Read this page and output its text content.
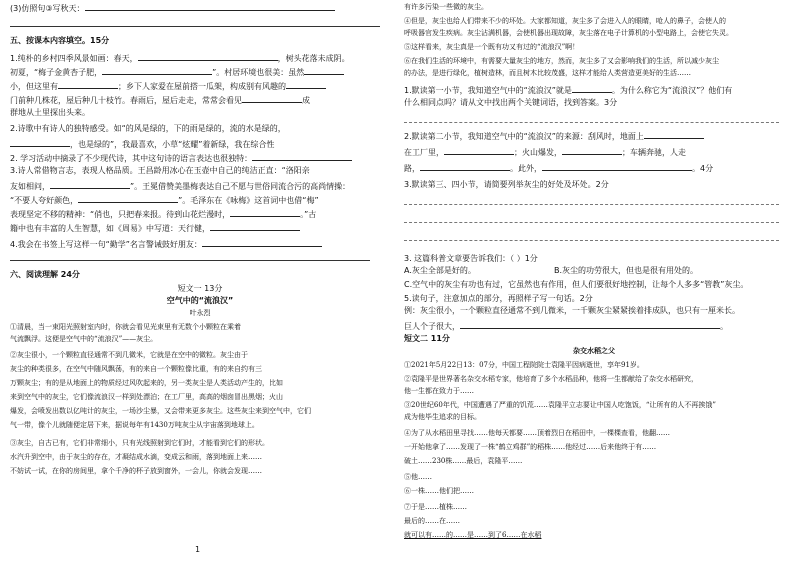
(3)仿照句③写秋天：
五、按课本内容填空。15分
1.纯朴的乡村四季风景如画：春天，	，树头花落未成阴。
初夏，“梅子金黄杏子肥，	”。村居环境也很美：虽然
小，但这里有	；乡下人家爱在屋前搭一瓜架，构成别有风趣的
门前种几株花，屋后种几十枝竹。春雨后，屋后走走，常常会看见	成
群地从土里探出头来。
2.诗歌中有诗人的独特感受。如“的风是绿的，下的雨是绿的，流的水是绿的，
，也是绿的”，我最喜欢，小草“炫耀”着新绿，我在综合性
2. 学习活动中摘录了不少现代诗，其中这句诗的语言表达也很独特：
3.诗人常借物言志，表现人格品质。王昌龄用冰心在玉壶中自己的纯洁正直：“洛阳亲
友如相问，	”。王冕借赞美墨梅表达自己不愿与世俗同流合污的高尚情操：
“不要人夸好颜色，	”。毛泽东在《咏梅》这首词中也借“梅”
表现坚定不移的精神：“俏也，只把春来报。待到山花烂漫时，	。”古
籍中也有丰富的人生智慧，如《周易》中写道：天行健，
4.我会在书签上写这样一句“勤学”名言警诫鼓好朋友：
六、阅读理解 24分
短文一 13分
空气中的“流浪汉”
叶永烈
①清晨，当一束阳光照射室内时，你就会看见光束里有无数个小颗粒在乘着
气流飘浮。这便是空气中的“流浪汉”——灰尘。
②灰尘很小，一个颗粒直径通常不到几微米，它就是在空中的微粒。灰尘由于
灰尘的种类很多，在空气中随风飘荡，有的来自一个颗粒像比重，有的来自约有三
万颗灰尘；有的是从地面上的物质经过风吹起来的，另一类灰尘是人类活动产生的，比如
来到空气中的灰尘，它们像流浪汉一样到处漂泊；在工厂里，高高的烟囱冒出黑烟；火山
爆发，会喷发出数以亿吨计的灰尘，一场沙尘暴，又会带来更多灰尘。这些灰尘来到空气中，它们
气一带，像个儿就随便定居下来，据说每年有1430万吨灰尘从宇宙落到地球上。
③灰尘，自古已有，它们非常细小，只有光线照射到它们时，才能看到它们的形状。
水汽升到空中，由于灰尘的存在，才凝结成水滴，变成云和雨，落到地面上来……
不妨试一试，在你的房间里，拿个千净的杯子放到窗外，一会儿，你就会发现……
1
有许多污染一些微的灰尘。
④但是，灰尘也给人们带来不少的坏处。大家都知道，灰尘多了会进入人的眼睛，呛人的鼻子，会使人的
呼吸器官发生疾病。灰尘沾满机器，会使机器出现故障，灰尘落在电子计算机的小型电路上，会使它失灵。
⑤这样看来，灰尘真是一个既有功又有过的“流浪汉”啊！
⑥在我们生活的环境中，有需要大量灰尘的地方，然而，灰尘多了又会影响我们的生活，所以减少灰尘
的办法，是进行绿化，植树造林，而且树木比较茂盛，这样才能给人类营造更美好的生活……
1.默读第一小节，我知道空气中的“流浪汉”就是	。为什么称它为“流浪汉”？他们有
什么相同点吗？请从文中找出两个关键词语，找到答案。3分
2.默读第二小节，我知道空气中的“流浪汉”的来源：刮风时，地面上
在工厂里，	；火山爆发，	；车辆奔驰，人走
路，	。此外，	。4分
3.默读第三、四小节，请简要列举灰尘的好处及坏处。2分
3. 这篇科普文章要告诉我们：（ ）1分
A.灰尘全部是好的。	B.灰尘的功劳很大，但也是很有用处的。
C.空气中的灰尘有功也有过，它虽然也有作用，但人们要很好地控制，让每个人多多“管教”灰尘。
5.读句子，注意加点的部分，再照样子写一句话。2分
例：灰尘很小，一个颗粒直径通常不到几微米，一千颗灰尘紧紧挨着排成队，也只有一厘米长。
巨人个子很大，	。
短文二 11分
杂交水稻之父
①2021年5月22日13：07分，中国工程院院士袁隆平因病逝世，享年91岁。
②袁隆平是世界著名杂交水稻专家，他培育了多个水稻品种，他将一生都献给了杂交水稻研究，
他一生都在致力于……
③20世纪60年代，中国遭遇了严重的饥荒……袁隆平立志要让中国人吃饱饭，“让所有的人不再挨饿”
成为他毕生追求的目标。
④为了从水稻田里寻找……他每天都要……顶着烈日在稻田中，一棵棵查看，他翻……
一开始他拿了……发现了一株“鹤立鸡群”的稻株……他经过……后来他终于有……
破土……230株……最后，袁隆平……
⑤他……
⑥一株……他们把……
⑦于是……植株……
最后的……在……
就可以有……的……是……到了6……在水稻
